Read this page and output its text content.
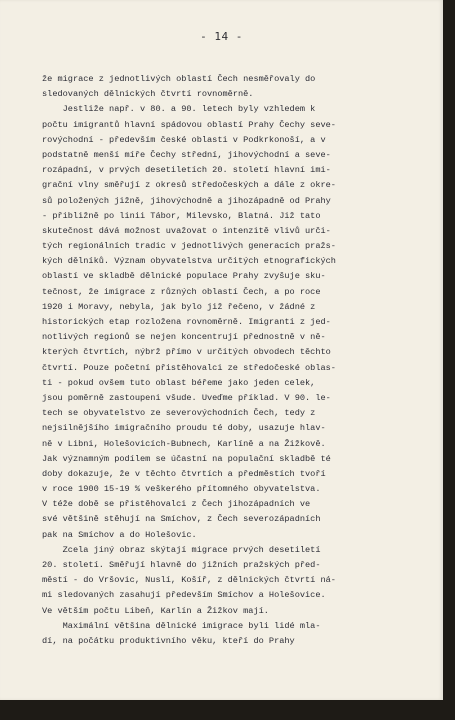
- 14 -
že migrace z jednotlivých oblastí Čech nesměřovaly do
sledovaných dělnických čtvrtí rovnoměrně.
Jestliže např. v 80. a 90. letech byly vzhledem k
počtu imigrantů hlavní spádovou oblastí Prahy Čechy seve-
rovýchodní - především české oblasti v Podkrkonoší, a v
podstatně menší míře Čechy střední, jihovýchodní a seve-
rozápadní, v prvých desetiletích 20. století hlavní imi-
grační vlny směřují z okresů středočeských a dále z okre-
sů položených jižně, jihovýchodně a jihozápadně od Prahy
- přibližně po linii Tábor, Milevsko, Blatná. Již tato
skutečnost dává možnost uvažovat o intenzitě vlivů urči-
tých regionálních tradic v jednotlivých generacích pražs-
kých dělníků. Význam obyvatelstva určitých etnografických
oblastí ve skladbě dělnické populace Prahy zvyšuje sku-
tečnost, že imigrace z různých oblastí Čech, a po roce
1920 i Moravy, nebyla, jak bylo již řečeno, v žádné z
historických etap rozložena rovnoměrně. Imigranti z jed-
notlivých regionů se nejen koncentrují přednostně v ně-
kterých čtvrtích, nýbrž přímo v určitých obvodech těchto
čtvrtí. Pouze početní přistěhovalci ze středočeské oblas-
ti - pokud ovšem tuto oblast béřeme jako jeden celek,
jsou poměrně zastoupeni všude. Uveďme příklad. V 90. le-
tech se obyvatelstvo ze severovýchodních Čech, tedy z
nejsilnějšího imigračního proudu té doby, usazuje hlav-
ně v Libni, Holešovicích-Bubnech, Karlíně a na Žižkově.
Jak významným podílem se účastní na populační skladbě té
doby dokazuje, že v těchto čtvrtích a předměstích tvoří
v roce 1900 15-19 % veškerého přítomného obyvatelstva.
V téže době se přistěhovalci z Čech jihozápadních ve
své většině stěhují na Smíchov, z Čech severozápadních
pak na Smíchov a do Holešovic.
Zcela jiný obraz skýtají migrace prvých desetiletí
20. století. Směřují hlavně do jižních pražských před-
městí - do Vršovic, Nuslí, Košíř, z dělnických čtvrtí ná-
mi sledovaných zasahují především Smíchov a Holešovice.
Ve větším počtu Libeň, Karlín a Žižkov mají.
Maximální většina dělnické imigrace byli lidé mla-
dí, na počátku produktivního věku, kteří do Prahy
